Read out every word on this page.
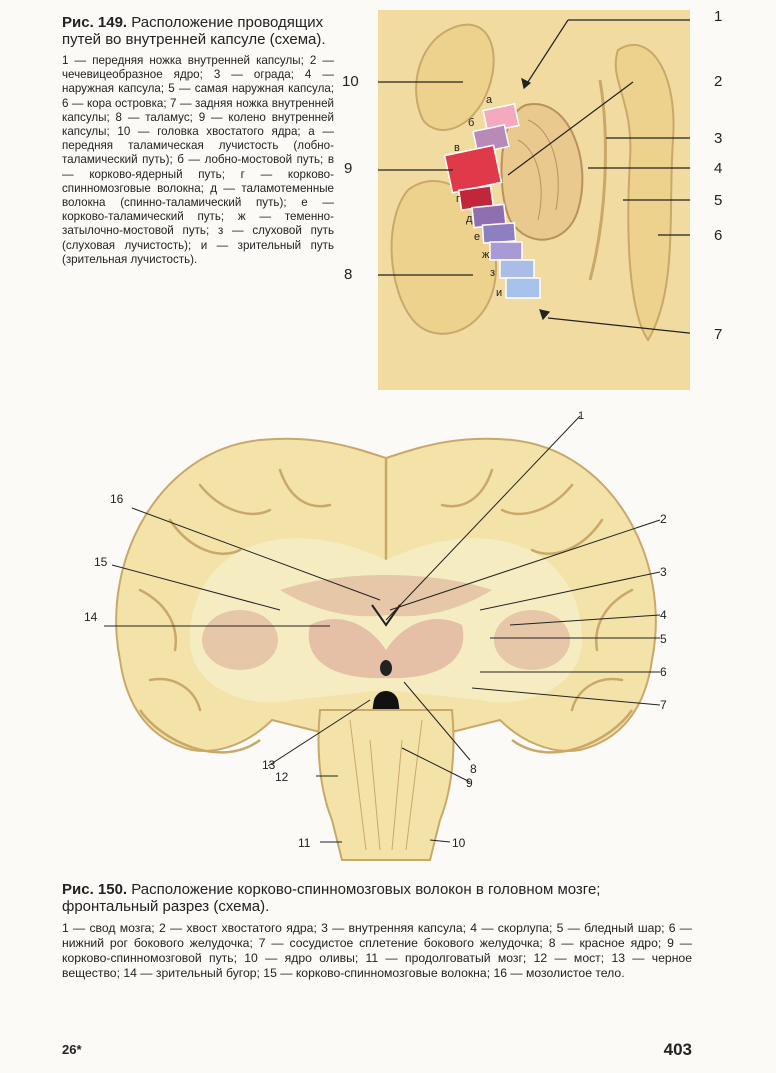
Рис. 149. Расположение проводящих путей во внутренней капсуле (схема).

1 — передняя ножка внутренней капсулы; 2 — чечевицеобразное ядро; 3 — ограда; 4 — наружная капсула; 5 — самая наружная капсула; 6 — кора островка; 7 — задняя ножка внутренней капсулы; 8 — таламус; 9 — колено внутренней капсулы; 10 — головка хвостатого ядра; а — передняя таламическая лучистость (лобно-таламический путь); б — лобно-мостовой путь; в — корково-ядерный путь; г — корково-спинномозговые волокна; д — таламотеменные волокна (спинно-таламический путь); е — корково-таламический путь; ж — теменно-затылочно-мостовой путь; з — слуховой путь (слуховая лучистость); и — зрительный путь (зрительная лучистость).

а
б
в
г
д
е
ж
з
и
1
2
3
4
5
6
7
8
9
10
1
2
3
4
5
6
7
8
9
10
11
12
13
14
15
16

Рис. 150. Расположение корково-спинномозговых волокон в головном мозге; фронтальный разрез (схема).

1 — свод мозга; 2 — хвост хвостатого ядра; 3 — внутренняя капсула; 4 — скорлупа; 5 — бледный шар; 6 — нижний рог бокового желудочка; 7 — сосудистое сплетение бокового желудочка; 8 — красное ядро; 9 — корково-спинномозговой путь; 10 — ядро оливы; 11 — продолговатый мозг; 12 — мост; 13 — черное вещество; 14 — зрительный бугор; 15 — корково-спинномозговые волокна; 16 — мозолистое тело.

26*	403
